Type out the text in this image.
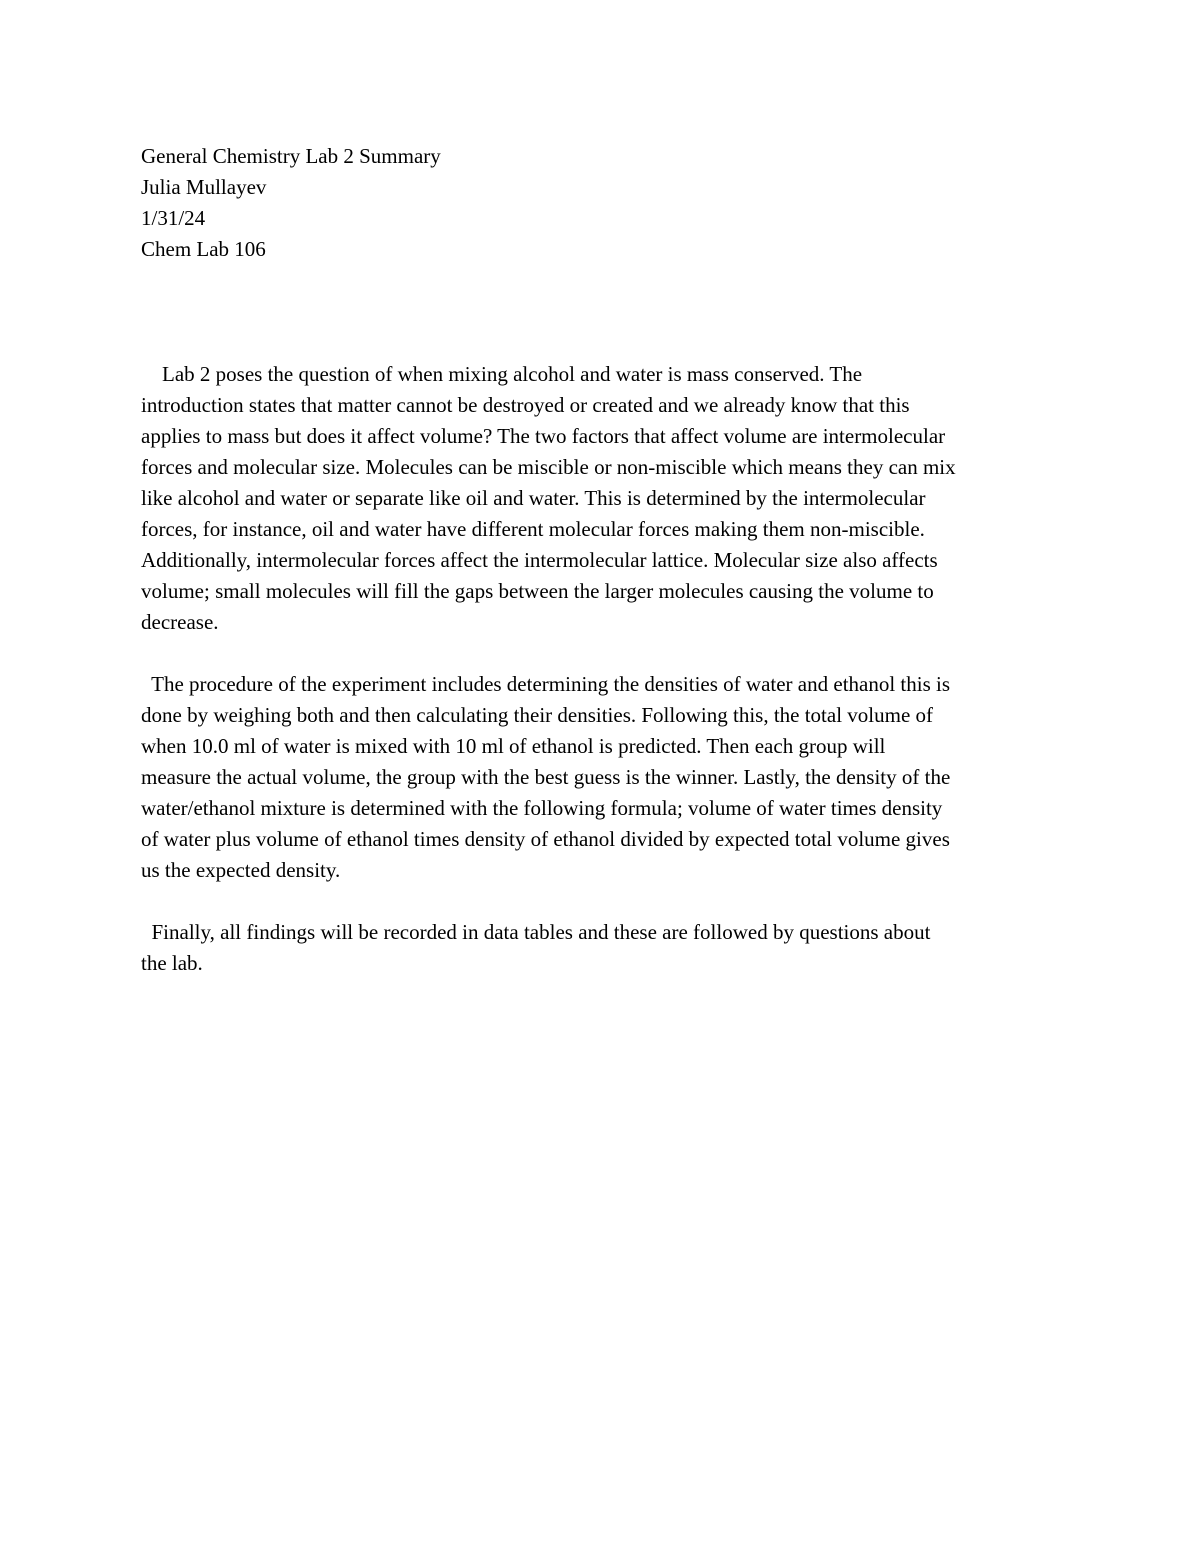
General Chemistry Lab 2 Summary
Julia Mullayev
1/31/24
Chem Lab 106

Lab 2 poses the question of when mixing alcohol and water is mass conserved. The
introduction states that matter cannot be destroyed or created and we already know that this
applies to mass but does it affect volume? The two factors that affect volume are intermolecular
forces and molecular size. Molecules can be miscible or non-miscible which means they can mix
like alcohol and water or separate like oil and water. This is determined by the intermolecular
forces, for instance, oil and water have different molecular forces making them non-miscible.
Additionally, intermolecular forces affect the intermolecular lattice. Molecular size also affects
volume; small molecules will fill the gaps between the larger molecules causing the volume to
decrease.

The procedure of the experiment includes determining the densities of water and ethanol this is
done by weighing both and then calculating their densities. Following this, the total volume of
when 10.0 ml of water is mixed with 10 ml of ethanol is predicted. Then each group will
measure the actual volume, the group with the best guess is the winner. Lastly, the density of the
water/ethanol mixture is determined with the following formula; volume of water times density
of water plus volume of ethanol times density of ethanol divided by expected total volume gives
us the expected density.

Finally, all findings will be recorded in data tables and these are followed by questions about
the lab.
